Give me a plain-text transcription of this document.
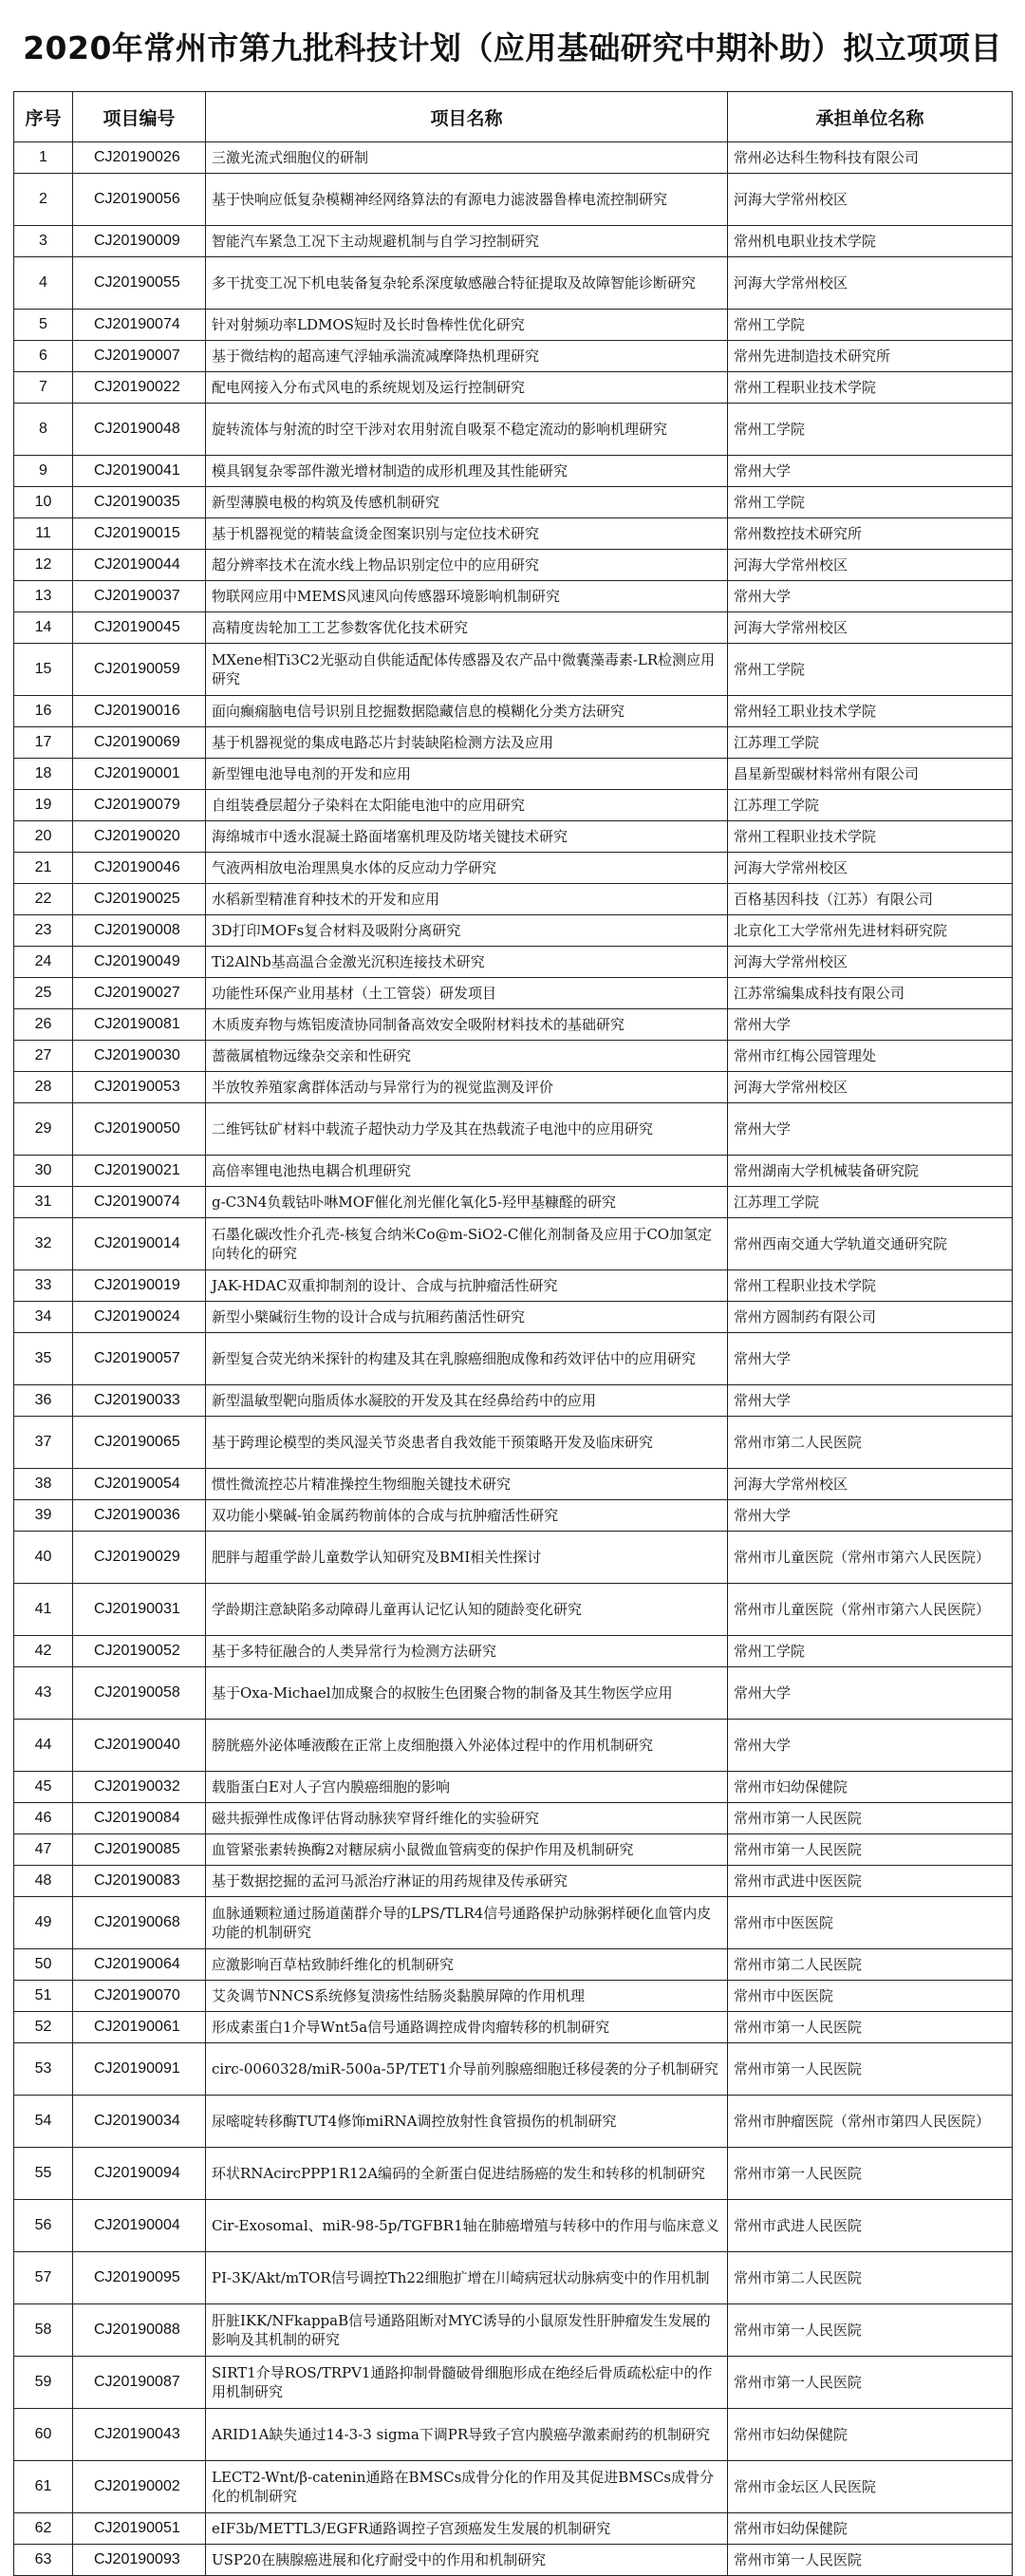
2020年常州市第九批科技计划（应用基础研究中期补助）拟立项项目
序号	项目编号	项目名称	承担单位名称
1	CJ20190026	三激光流式细胞仪的研制	常州必达科生物科技有限公司
2	CJ20190056	基于快响应低复杂模糊神经网络算法的有源电力滤波器鲁棒电流控制研究	河海大学常州校区
3	CJ20190009	智能汽车紧急工况下主动规避机制与自学习控制研究	常州机电职业技术学院
4	CJ20190055	多干扰变工况下机电装备复杂轮系深度敏感融合特征提取及故障智能诊断研究	河海大学常州校区
5	CJ20190074	针对射频功率LDMOS短时及长时鲁棒性优化研究	常州工学院
6	CJ20190007	基于微结构的超高速气浮轴承湍流减摩降热机理研究	常州先进制造技术研究所
7	CJ20190022	配电网接入分布式风电的系统规划及运行控制研究	常州工程职业技术学院
8	CJ20190048	旋转流体与射流的时空干涉对农用射流自吸泵不稳定流动的影响机理研究	常州工学院
9	CJ20190041	模具钢复杂零部件激光增材制造的成形机理及其性能研究	常州大学
10	CJ20190035	新型薄膜电极的构筑及传感机制研究	常州工学院
11	CJ20190015	基于机器视觉的精装盒烫金图案识别与定位技术研究	常州数控技术研究所
12	CJ20190044	超分辨率技术在流水线上物品识别定位中的应用研究	河海大学常州校区
13	CJ20190037	物联网应用中MEMS风速风向传感器环境影响机制研究	常州大学
14	CJ20190045	高精度齿轮加工工艺参数客优化技术研究	河海大学常州校区
15	CJ20190059	MXene相Ti3C2光驱动自供能适配体传感器及农产品中微囊藻毒素-LR检测应用研究	常州工学院
16	CJ20190016	面向癫痫脑电信号识别且挖掘数据隐藏信息的模糊化分类方法研究	常州轻工职业技术学院
17	CJ20190069	基于机器视觉的集成电路芯片封装缺陷检测方法及应用	江苏理工学院
18	CJ20190001	新型锂电池导电剂的开发和应用	昌星新型碳材料常州有限公司
19	CJ20190079	自组装叠层超分子染料在太阳能电池中的应用研究	江苏理工学院
20	CJ20190020	海绵城市中透水混凝土路面堵塞机理及防堵关键技术研究	常州工程职业技术学院
21	CJ20190046	气液两相放电治理黑臭水体的反应动力学研究	河海大学常州校区
22	CJ20190025	水稻新型精准育种技术的开发和应用	百格基因科技（江苏）有限公司
23	CJ20190008	3D打印MOFs复合材料及吸附分离研究	北京化工大学常州先进材料研究院
24	CJ20190049	Ti2AlNb基高温合金激光沉积连接技术研究	河海大学常州校区
25	CJ20190027	功能性环保产业用基材（土工管袋）研发项目	江苏常编集成科技有限公司
26	CJ20190081	木质废弃物与炼铝废渣协同制备高效安全吸附材料技术的基础研究	常州大学
27	CJ20190030	蔷薇属植物远缘杂交亲和性研究	常州市红梅公园管理处
28	CJ20190053	半放牧养殖家禽群体活动与异常行为的视觉监测及评价	河海大学常州校区
29	CJ20190050	二维钙钛矿材料中载流子超快动力学及其在热载流子电池中的应用研究	常州大学
30	CJ20190021	高倍率锂电池热电耦合机理研究	常州湖南大学机械装备研究院
31	CJ20190074	g-C3N4负载钴卟啉MOF催化剂光催化氧化5-羟甲基糠醛的研究	江苏理工学院
32	CJ20190014	石墨化碳改性介孔壳-核复合纳米Co@m-SiO2-C催化剂制备及应用于CO加氢定向转化的研究	常州西南交通大学轨道交通研究院
33	CJ20190019	JAK-HDAC双重抑制剂的设计、合成与抗肿瘤活性研究	常州工程职业技术学院
34	CJ20190024	新型小檗碱衍生物的设计合成与抗厢药菌活性研究	常州方圆制药有限公司
35	CJ20190057	新型复合荧光纳米探针的构建及其在乳腺癌细胞成像和药效评估中的应用研究	常州大学
36	CJ20190033	新型温敏型靶向脂质体水凝胶的开发及其在经鼻给药中的应用	常州大学
37	CJ20190065	基于跨理论模型的类风湿关节炎患者自我效能干预策略开发及临床研究	常州市第二人民医院
38	CJ20190054	惯性微流控芯片精准操控生物细胞关键技术研究	河海大学常州校区
39	CJ20190036	双功能小檗碱-铂金属药物前体的合成与抗肿瘤活性研究	常州大学
40	CJ20190029	肥胖与超重学龄儿童数学认知研究及BMI相关性探讨	常州市儿童医院（常州市第六人民医院）
41	CJ20190031	学龄期注意缺陷多动障碍儿童再认记忆认知的随龄变化研究	常州市儿童医院（常州市第六人民医院）
42	CJ20190052	基于多特征融合的人类异常行为检测方法研究	常州工学院
43	CJ20190058	基于Oxa-Michael加成聚合的叔胺生色团聚合物的制备及其生物医学应用	常州大学
44	CJ20190040	膀胱癌外泌体唾液酸在正常上皮细胞摄入外泌体过程中的作用机制研究	常州大学
45	CJ20190032	载脂蛋白E对人子宫内膜癌细胞的影响	常州市妇幼保健院
46	CJ20190084	磁共振弹性成像评估肾动脉狭窄肾纤维化的实验研究	常州市第一人民医院
47	CJ20190085	血管紧张素转换酶2对糖尿病小鼠微血管病变的保护作用及机制研究	常州市第一人民医院
48	CJ20190083	基于数据挖掘的孟河马派治疗淋证的用药规律及传承研究	常州市武进中医医院
49	CJ20190068	血脉通颗粒通过肠道菌群介导的LPS/TLR4信号通路保护动脉粥样硬化血管内皮功能的机制研究	常州市中医医院
50	CJ20190064	应激影响百草枯致肺纤维化的机制研究	常州市第二人民医院
51	CJ20190070	艾灸调节NNCS系统修复溃疡性结肠炎黏膜屏障的作用机理	常州市中医医院
52	CJ20190061	形成素蛋白1介导Wnt5a信号通路调控成骨肉瘤转移的机制研究	常州市第一人民医院
53	CJ20190091	circ-0060328/miR-500a-5P/TET1介导前列腺癌细胞迁移侵袭的分子机制研究	常州市第一人民医院
54	CJ20190034	尿嘧啶转移酶TUT4修饰miRNA调控放射性食管损伤的机制研究	常州市肿瘤医院（常州市第四人民医院）
55	CJ20190094	环状RNAcircPPP1R12A编码的全新蛋白促进结肠癌的发生和转移的机制研究	常州市第一人民医院
56	CJ20190004	Cir-Exosomal、miR-98-5p/TGFBR1轴在肺癌增殖与转移中的作用与临床意义	常州市武进人民医院
57	CJ20190095	PI-3K/Akt/mTOR信号调控Th22细胞扩增在川崎病冠状动脉病变中的作用机制	常州市第二人民医院
58	CJ20190088	肝脏IKK/NFkappaB信号通路阻断对MYC诱导的小鼠原发性肝肿瘤发生发展的影响及其机制的研究	常州市第一人民医院
59	CJ20190087	SIRT1介导ROS/TRPV1通路抑制骨髓破骨细胞形成在绝经后骨质疏松症中的作用机制研究	常州市第一人民医院
60	CJ20190043	ARID1A缺失通过14-3-3 sigma下调PR导致子宫内膜癌孕激素耐药的机制研究	常州市妇幼保健院
61	CJ20190002	LECT2-Wnt/β-catenin通路在BMSCs成骨分化的作用及其促进BMSCs成骨分化的机制研究	常州市金坛区人民医院
62	CJ20190051	eIF3b/METTL3/EGFR通路调控子宫颈癌发生发展的机制研究	常州市妇幼保健院
63	CJ20190093	USP20在胰腺癌进展和化疗耐受中的作用和机制研究	常州市第一人民医院
